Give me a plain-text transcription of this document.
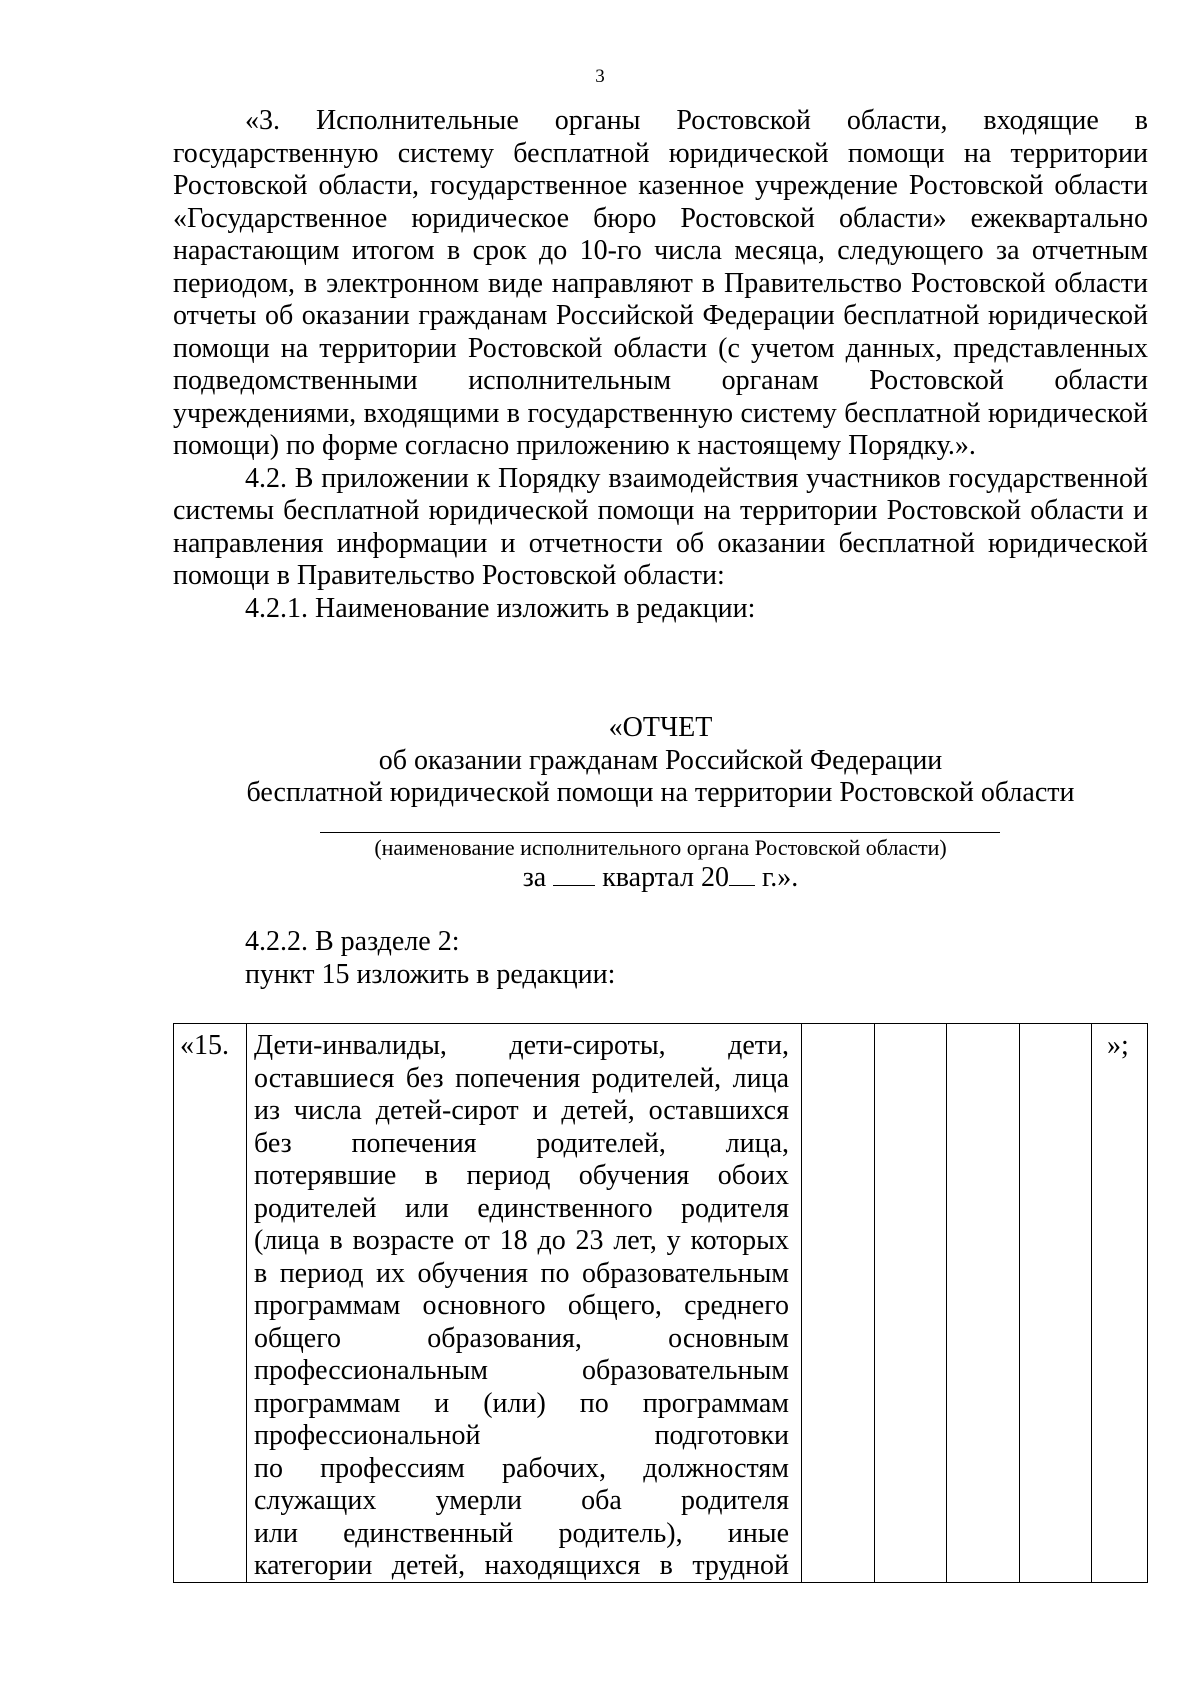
3

«3. Исполнительные органы Ростовской области, входящие в государственную систему бесплатной юридической помощи на территории Ростовской области, государственное казенное учреждение Ростовской области «Государственное юридическое бюро Ростовской области» ежеквартально нарастающим итогом в срок до 10-го числа месяца, следующего за отчетным периодом, в электронном виде направляют в Правительство Ростовской области отчеты об оказании гражданам Российской Федерации бесплатной юридической помощи на территории Ростовской области (с учетом данных, представленных подведомственными исполнительным органам Ростовской области учреждениями, входящими в государственную систему бесплатной юридической помощи) по форме согласно приложению к настоящему Порядку.».

4.2. В приложении к Порядку взаимодействия участников государственной системы бесплатной юридической помощи на территории Ростовской области и направления информации и отчетности об оказании бесплатной юридической помощи в Правительство Ростовской области:

4.2.1. Наименование изложить в редакции:

«ОТЧЕТ
об оказании гражданам Российской Федерации
бесплатной юридической помощи на территории Ростовской области
(наименование исполнительного органа Ростовской области)
за квартал 20 г.».

4.2.2. В разделе 2:

пункт 15 изложить в редакции:

«15. Дети-инвалиды, дети-сироты, дети,
оставшиеся без попечения родителей, лица
из числа детей-сирот и детей, оставшихся
без попечения родителей, лица,
потерявшие в период обучения обоих
родителей или единственного родителя
(лица в возрасте от 18 до 23 лет, у которых
в период их обучения по образовательным
программам основного общего, среднего
общего образования, основным
профессиональным образовательным
программам и (или) по программам
профессиональной подготовки
по профессиям рабочих, должностям
служащих умерли оба родителя
или единственный родитель), иные
категории детей, находящихся в трудной
»;
